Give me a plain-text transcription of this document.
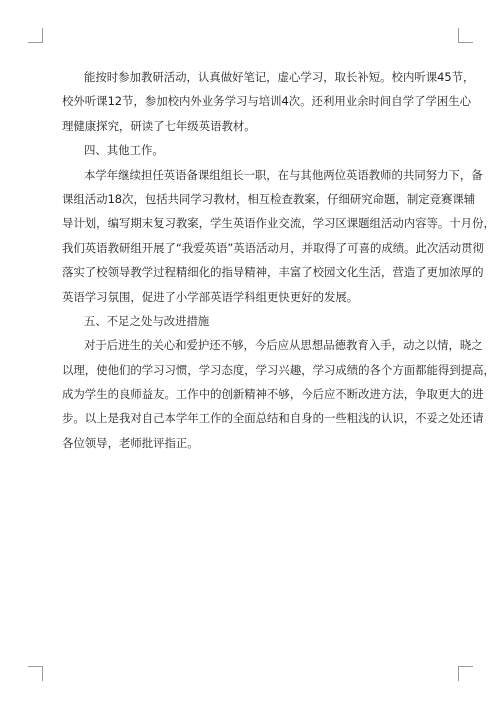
能按时参加教研活动，认真做好笔记，虚心学习，取长补短。校内听课45节，
校外听课12节，参加校内外业务学习与培训4次。还利用业余时间自学了学困生心
理健康探究，研读了七年级英语教材。
四、其他工作。
本学年继续担任英语备课组组长一职，在与其他两位英语教师的共同努力下，备
课组活动18次，包括共同学习教材，相互检查教案，仔细研究命题，制定竞赛课辅
导计划，编写期末复习教案，学生英语作业交流，学习区课题组活动内容等。十月份，
我们英语教研组开展了“我爱英语”英语活动月，并取得了可喜的成绩。此次活动贯彻
落实了校领导教学过程精细化的指导精神，丰富了校园文化生活，营造了更加浓厚的
英语学习氛围，促进了小学部英语学科组更快更好的发展。
五、不足之处与改进措施
对于后进生的关心和爱护还不够，今后应从思想品德教育入手，动之以情，晓之
以理，使他们的学习习惯，学习态度，学习兴趣，学习成绩的各个方面都能得到提高，
成为学生的良师益友。工作中的创新精神不够，今后应不断改进方法，争取更大的进
步。以上是我对自己本学年工作的全面总结和自身的一些粗浅的认识，不妥之处还请
各位领导，老师批评指正。
